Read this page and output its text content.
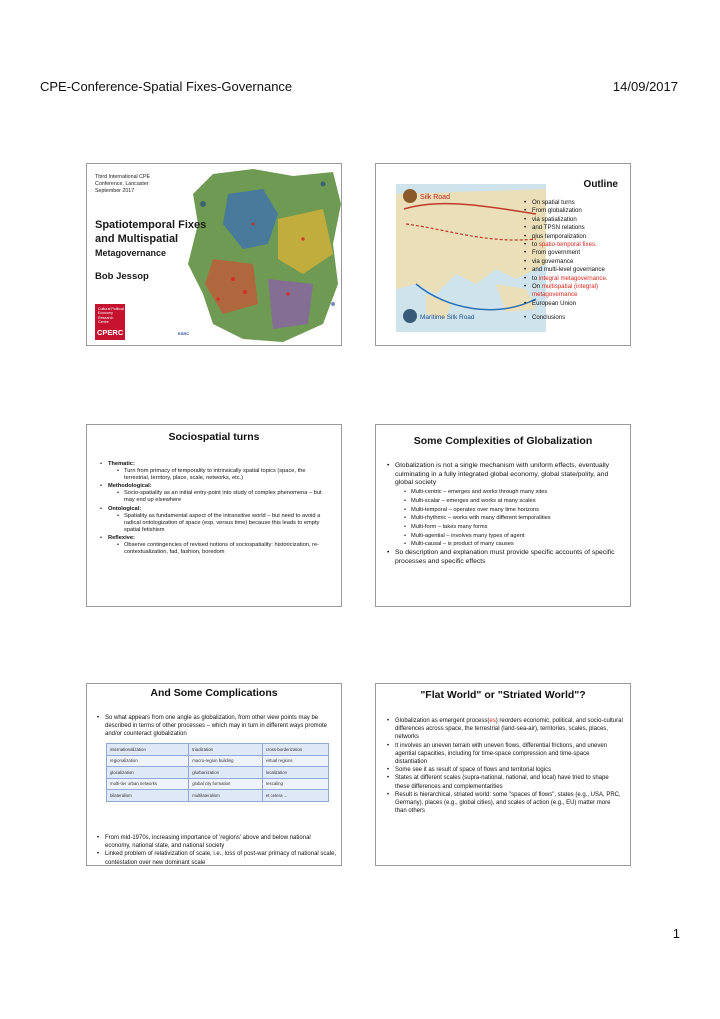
CPE-Conference-Spatial Fixes-Governance	14/09/2017
Third International CPE Conference, Lancaster September 2017
Spatiotemporal Fixes
and Multispatial
Metagovernance
Bob Jessop
Cultural Political Economy Research Centre
CPERC	ESRC
Silk Road
Maritime Silk Road
Outline
• On spatial turns
• From globalization
• via spatialization
• and TPSN relations
• plus temporalization
• to spatio-temporal fixes.
• From government
• via governance
• and multi-level governance
• to integral metagovernance.
• On multispatial (integral) metagovernance
• European Union
• Conclusions
Sociospatial turns
• Thematic:
• Turn from primacy of temporality to intrinsically spatial topics (space, the terrestrial, territory, place, scale, networks, etc.)
• Methodological:
• Socio-spatiality as an initial entry-point into study of complex phenomena – but may end up elsewhere
• Ontological:
• Spatiality as fundamental aspect of the intransitive world – but need to avoid a radical ontologization of space (esp. versus time) because this leads to empty spatial fetishism
• Reflexive:
• Observe contingencies of revised notions of sociospatiality: historicization, re-contextualization, fad, fashion, boredom
Some Complexities of Globalization
• Globalization is not a single mechanism with uniform effects, eventually culminating in a fully integrated global economy, global state/polity, and global society
• Multi-centric – emerges and works through many sites
• Multi-scalar – emerges and works at many scales
• Multi-temporal – operates over many time horizons
• Multi-rhythmic – works with many different temporalities
• Multi-form – takes many forms
• Multi-agential – involves many types of agent
• Multi-causal – is product of many causes
• So description and explanation must provide specific accounts of specific processes and specific effects
And Some Complications
• So what appears from one angle as globalization, from other view points may be described in terms of other processes – which may in turn in different ways promote and/or counteract globalization
internationalization	triadization	cross-borderization
regionalization	macro-region building	virtual regions
glocalization	glurbanization	localization
multi-tier urban networks	global city formation	rescaling
bilateralism	multilateralism	et cetera ...
• From mid-1970s, increasing importance of 'regions' above and below national economy, national state, and national society
• Linked problem of relativization of scale, i.e., loss of post-war primacy of national scale, contestation over new dominant scale
"Flat World" or "Striated World"?
• Globalization as emergent process(es) reorders economic, political, and socio-cultural differences across space, the terrestrial (land-sea-air), territories, scales, places, networks
• It involves an uneven terrain with uneven flows, differential frictions, and uneven agential capacities, including for time-space compression and time-space distantiation
• Some see it as result of space of flows and territorial logics
• States at different scales (supra-national, national, and local) have tried to shape these differences and complementarities
• Result is hierarchical, striated world: some "spaces of flows", states (e.g., USA, PRC, Germany), places (e.g., global cities), and scales of action (e.g., EU) matter more than others
1
